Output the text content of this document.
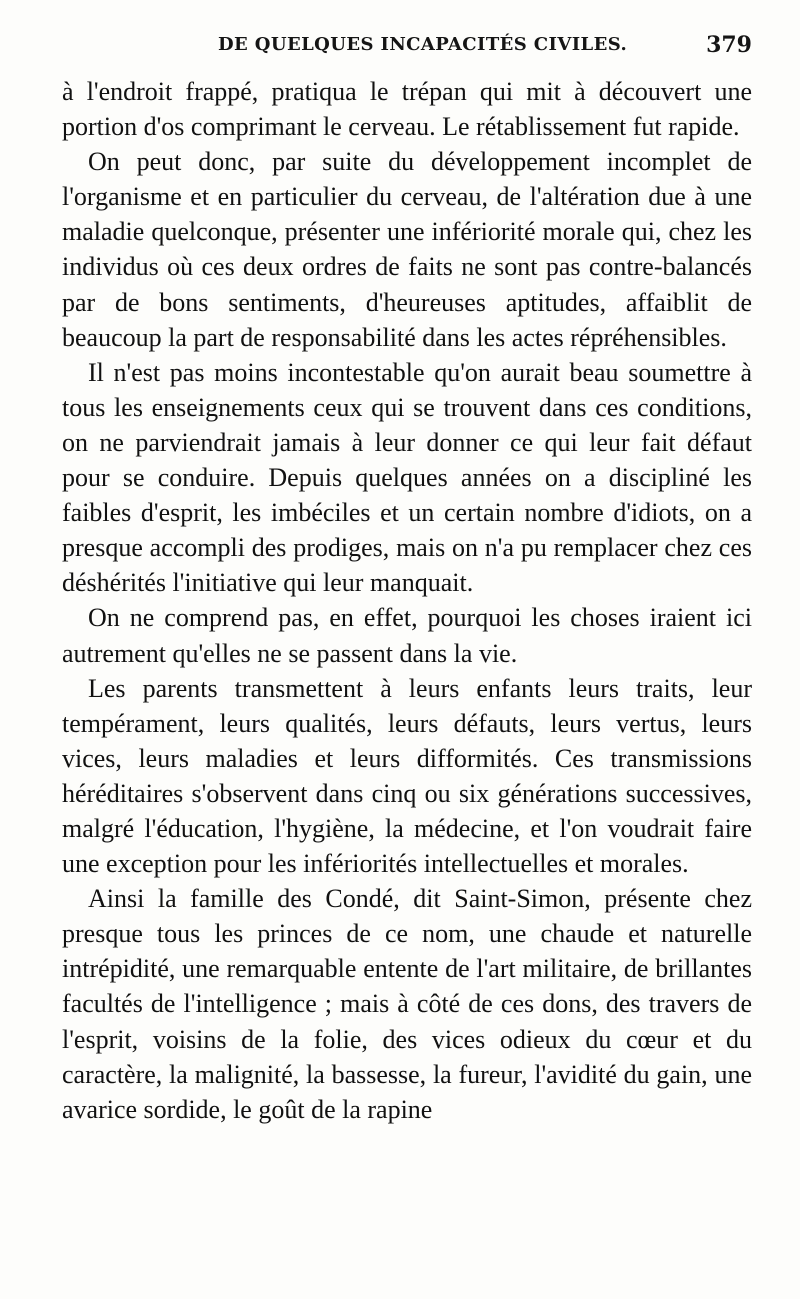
DE QUELQUES INCAPACITÉS CIVILES.	379

à l'endroit frappé, pratiqua le trépan qui mit à découvert une portion d'os comprimant le cerveau. Le rétablissement fut rapide.

On peut donc, par suite du développement incomplet de l'organisme et en particulier du cerveau, de l'altération due à une maladie quelconque, présenter une infériorité morale qui, chez les individus où ces deux ordres de faits ne sont pas contre-balancés par de bons sentiments, d'heureuses aptitudes, affaiblit de beaucoup la part de responsabilité dans les actes répréhensibles.

Il n'est pas moins incontestable qu'on aurait beau soumettre à tous les enseignements ceux qui se trouvent dans ces conditions, on ne parviendrait jamais à leur donner ce qui leur fait défaut pour se conduire. Depuis quelques années on a discipliné les faibles d'esprit, les imbéciles et un certain nombre d'idiots, on a presque accompli des prodiges, mais on n'a pu remplacer chez ces déshérités l'initiative qui leur manquait.

On ne comprend pas, en effet, pourquoi les choses iraient ici autrement qu'elles ne se passent dans la vie.

Les parents transmettent à leurs enfants leurs traits, leur tempérament, leurs qualités, leurs défauts, leurs vertus, leurs vices, leurs maladies et leurs difformités. Ces transmissions héréditaires s'observent dans cinq ou six générations successives, malgré l'éducation, l'hygiène, la médecine, et l'on voudrait faire une exception pour les infériorités intellectuelles et morales.

Ainsi la famille des Condé, dit Saint-Simon, présente chez presque tous les princes de ce nom, une chaude et naturelle intrépidité, une remarquable entente de l'art militaire, de brillantes facultés de l'intelligence ; mais à côté de ces dons, des travers de l'esprit, voisins de la folie, des vices odieux du cœur et du caractère, la malignité, la bassesse, la fureur, l'avidité du gain, une avarice sordide, le goût de la rapine
